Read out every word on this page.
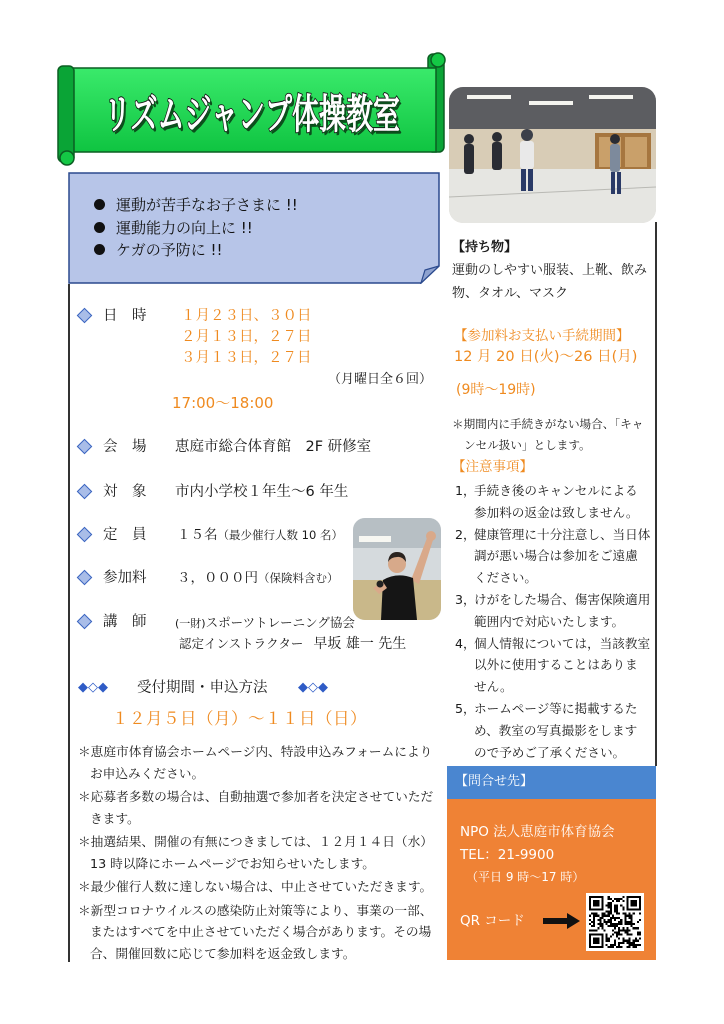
リズムジャンプ体操教室
運動が苦手なお子さまに !!
運動能力の向上に !!
ケガの予防に !!
日　時 １月２３日、３０日
２月１３日，２７日
３月１３日，２７日
（月曜日全６回）
17:00～18:00
会　場 恵庭市総合体育館　2F 研修室
対　象 市内小学校１年生～6 年生
定　員 １５名（最少催行人数 10 名）
参加料 ３，０００円（保険料含む）
講　師	(一財)スポーツトレーニング協会
認定インストラクター 早坂 雄一 先生
◆◇◆ 受付期間・申込方法 ◆◇◆
１２月５日（月）～１１日（日）
＊恵庭市体育協会ホームページ内、特設申込みフォームにより
お申込みください。
＊応募者多数の場合は、自動抽選で参加者を決定させていただ
きます。
＊抽選結果、開催の有無につきましては、１２月１４日（水）
13 時以降にホームページでお知らせいたします。
＊最少催行人数に達しない場合は、中止させていただきます。
＊新型コロナウイルスの感染防止対策等により、事業の一部、
またはすべてを中止させていただく場合があります。その場
合、開催回数に応じて参加料を返金致します。
【持ち物】
運動のしやすい服装、上靴、飲み
物、タオル、マスク
【参加料お支払い手続期間】
12 月 20 日(火)～26 日(月)
(9時～19時)
＊期間内に手続きがない場合、「キャ
ンセル扱い」とします。
【注意事項】
1，手続き後のキャンセルによる
参加料の返金は致しません。
2，健康管理に十分注意し、当日体
調が悪い場合は参加をご遠慮
ください。
3，けがをした場合、傷害保険適用
範囲内で対応いたします。
4，個人情報については，当該教室
以外に使用することはありま
せん。
5，ホームページ等に掲載するた
め、教室の写真撮影をします
ので予めご了承ください。
【問合せ先】
NPO 法人恵庭市体育協会
TEL：21-9900
（平日 9 時～17 時）
QR コード
